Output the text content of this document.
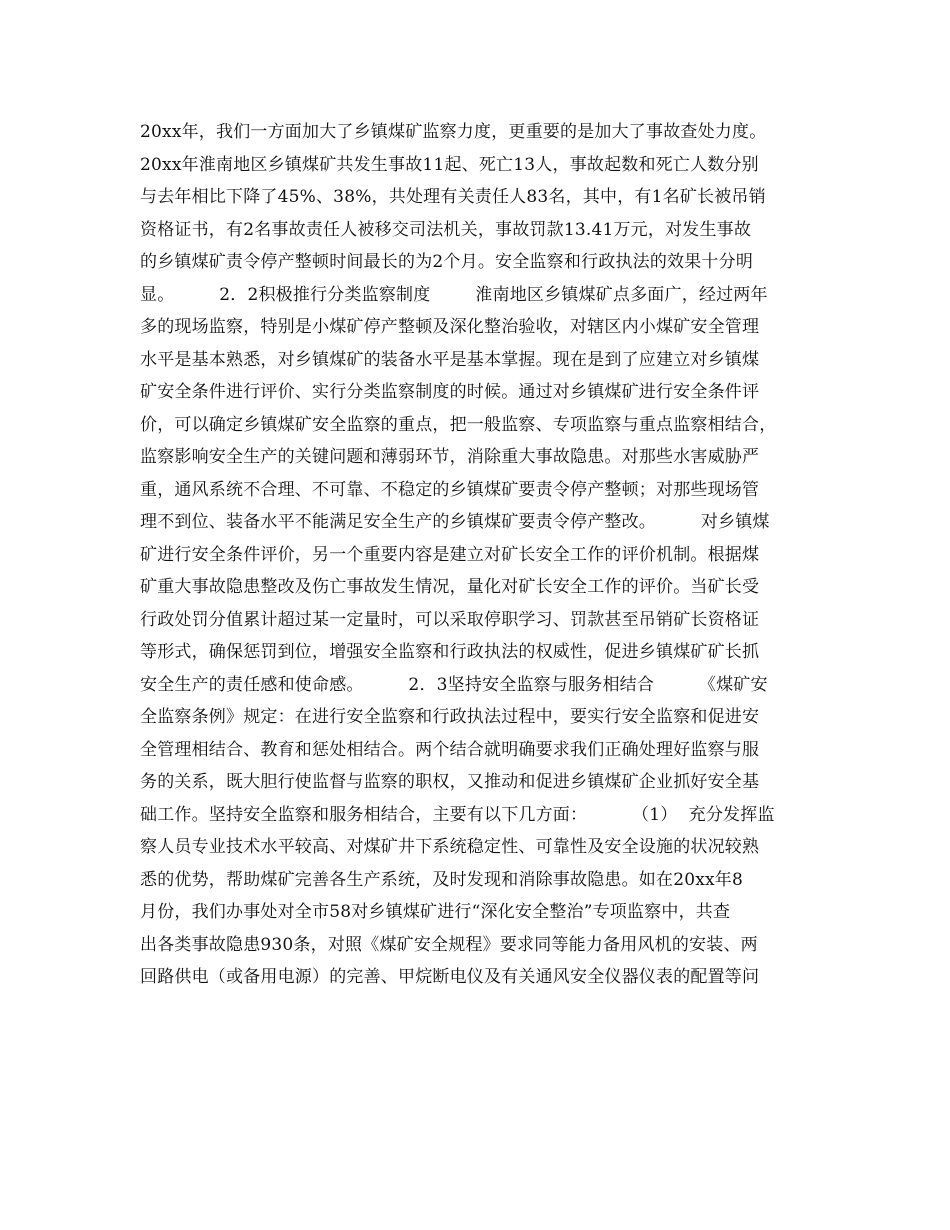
20xx年，我们一方面加大了乡镇煤矿监察力度，更重要的是加大了事故查处力度。
20xx年淮南地区乡镇煤矿共发生事故11起、死亡13人，事故起数和死亡人数分别
与去年相比下降了45%、38%，共处理有关责任人83名，其中，有1名矿长被吊销
资格证书，有2名事故责任人被移交司法机关，事故罚款13.41万元，对发生事故
的乡镇煤矿责令停产整顿时间最长的为2个月。安全监察和行政执法的效果十分明
显。        2．2积极推行分类监察制度        淮南地区乡镇煤矿点多面广，经过两年
多的现场监察，特别是小煤矿停产整顿及深化整治验收，对辖区内小煤矿安全管理
水平是基本熟悉，对乡镇煤矿的装备水平是基本掌握。现在是到了应建立对乡镇煤
矿安全条件进行评价、实行分类监察制度的时候。通过对乡镇煤矿进行安全条件评
价，可以确定乡镇煤矿安全监察的重点，把一般监察、专项监察与重点监察相结合，
监察影响安全生产的关键问题和薄弱环节，消除重大事故隐患。对那些水害威胁严
重，通风系统不合理、不可靠、不稳定的乡镇煤矿要责令停产整顿；对那些现场管
理不到位、装备水平不能满足安全生产的乡镇煤矿要责令停产整改。        对乡镇煤
矿进行安全条件评价，另一个重要内容是建立对矿长安全工作的评价机制。根据煤
矿重大事故隐患整改及伤亡事故发生情况，量化对矿长安全工作的评价。当矿长受
行政处罚分值累计超过某一定量时，可以采取停职学习、罚款甚至吊销矿长资格证
等形式，确保惩罚到位，增强安全监察和行政执法的权威性，促进乡镇煤矿矿长抓
安全生产的责任感和使命感。        2．3坚持安全监察与服务相结合        《煤矿安
全监察条例》规定：在进行安全监察和行政执法过程中，要实行安全监察和促进安
全管理相结合、教育和惩处相结合。两个结合就明确要求我们正确处理好监察与服
务的关系，既大胆行使监督与监察的职权，又推动和促进乡镇煤矿企业抓好安全基
础工作。坚持安全监察和服务相结合，主要有以下几方面：        （1）  充分发挥监
察人员专业技术水平较高、对煤矿井下系统稳定性、可靠性及安全设施的状况较熟
悉的优势，帮助煤矿完善各生产系统，及时发现和消除事故隐患。如在20xx年8
月份，我们办事处对全市58对乡镇煤矿进行“深化安全整治”专项监察中，共查
出各类事故隐患930条，对照《煤矿安全规程》要求同等能力备用风机的安装、两
回路供电（或备用电源）的完善、甲烷断电仪及有关通风安全仪器仪表的配置等问
